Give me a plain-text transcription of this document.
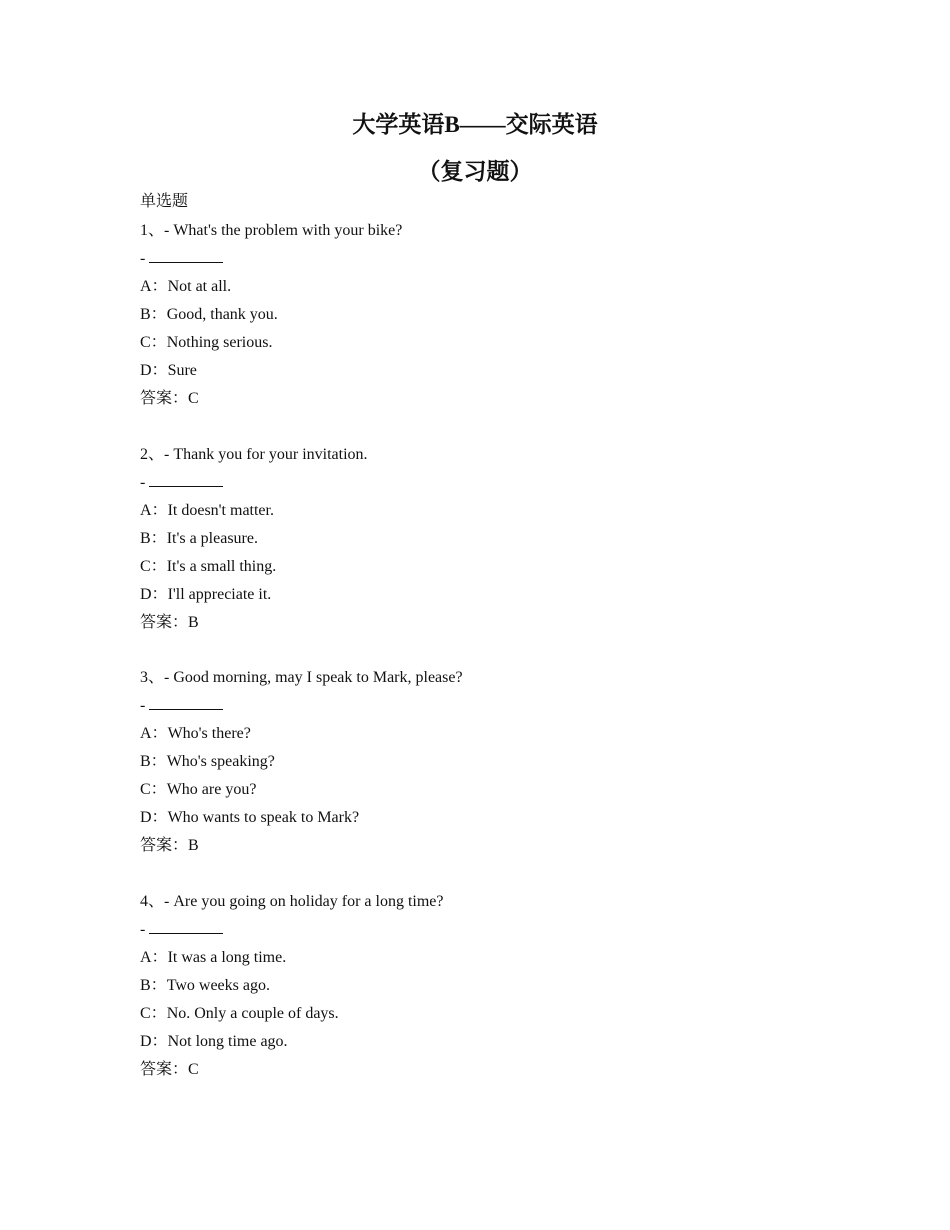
大学英语B——交际英语
（复习题）
单选题
1、- What's the problem with your bike?
-
A：Not at all.
B：Good, thank you.
C：Nothing serious.
D：Sure
答案：C
2、- Thank you for your invitation.
-
A：It doesn't matter.
B：It's a pleasure.
C：It's a small thing.
D：I'll appreciate it.
答案：B
3、- Good morning, may I speak to Mark, please?
-
A：Who's there?
B：Who's speaking?
C：Who are you?
D：Who wants to speak to Mark?
答案：B
4、- Are you going on holiday for a long time?
-
A：It was a long time.
B：Two weeks ago.
C：No. Only a couple of days.
D：Not long time ago.
答案：C
